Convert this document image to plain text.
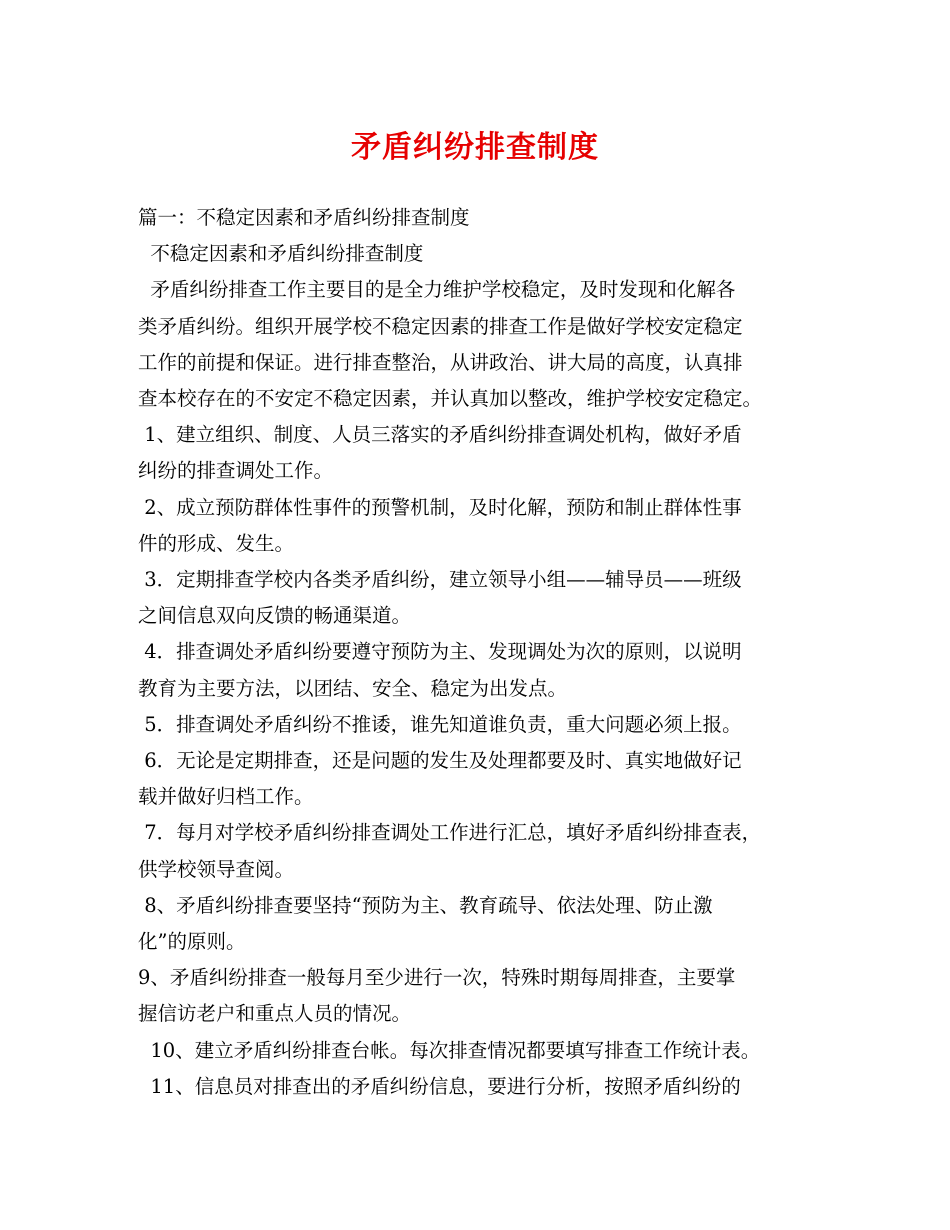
矛盾纠纷排查制度
篇一：不稳定因素和矛盾纠纷排查制度
不稳定因素和矛盾纠纷排查制度
矛盾纠纷排查工作主要目的是全力维护学校稳定，及时发现和化解各
类矛盾纠纷。组织开展学校不稳定因素的排查工作是做好学校安定稳定
工作的前提和保证。进行排查整治，从讲政治、讲大局的高度，认真排
查本校存在的不安定不稳定因素，并认真加以整改，维护学校安定稳定。
1、建立组织、制度、人员三落实的矛盾纠纷排查调处机构，做好矛盾
纠纷的排查调处工作。
2、成立预防群体性事件的预警机制，及时化解，预防和制止群体性事
件的形成、发生。
3．定期排查学校内各类矛盾纠纷，建立领导小组——辅导员——班级
之间信息双向反馈的畅通渠道。
4．排查调处矛盾纠纷要遵守预防为主、发现调处为次的原则，以说明
教育为主要方法，以团结、安全、稳定为出发点。
5．排查调处矛盾纠纷不推诿，谁先知道谁负责，重大问题必须上报。
6．无论是定期排查，还是问题的发生及处理都要及时、真实地做好记
载并做好归档工作。
7．每月对学校矛盾纠纷排查调处工作进行汇总，填好矛盾纠纷排查表，
供学校领导查阅。
8、矛盾纠纷排查要坚持“预防为主、教育疏导、依法处理、防止激
化”的原则。
9、矛盾纠纷排查一般每月至少进行一次，特殊时期每周排查，主要掌
握信访老户和重点人员的情况。
10、建立矛盾纠纷排查台帐。每次排查情况都要填写排查工作统计表。
11、信息员对排查出的矛盾纠纷信息，要进行分析，按照矛盾纠纷的
